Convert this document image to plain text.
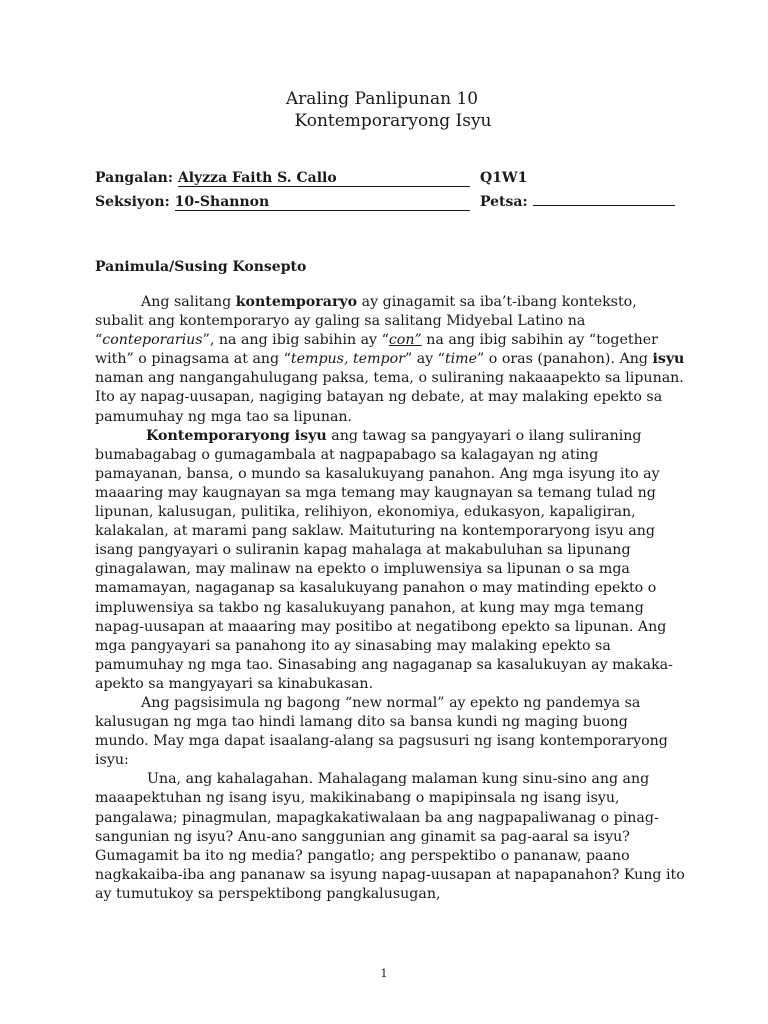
Araling Panlipunan 10
Kontemporaryong Isyu
Pangalan: Alyzza Faith S. Callo	Q1W1
Seksiyon: 10-Shannon	Petsa:
Panimula/Susing Konsepto

Ang salitang kontemporaryo ay ginagamit sa iba’t-ibang konteksto, subalit ang kontemporaryo ay galing sa salitang Midyebal Latino na “conteporarius”, na ang ibig sabihin ay “con” na ang ibig sabihin ay “together with” o pinagsama at ang “tempus, tempor” ay “time” o oras (panahon). Ang isyu naman ang nangangahulugang paksa, tema, o suliraning nakaaapekto sa lipunan. Ito ay napag-uusapan, nagiging batayan ng debate, at may malaking epekto sa pamumuhay ng mga tao sa lipunan.

Kontemporaryong isyu ang tawag sa pangyayari o ilang suliraning bumabagabag o gumagambala at nagpapabago sa kalagayan ng ating pamayanan, bansa, o mundo sa kasalukuyang panahon. Ang mga isyung ito ay maaaring may kaugnayan sa mga temang may kaugnayan sa temang tulad ng lipunan, kalusugan, pulitika, relihiyon, ekonomiya, edukasyon, kapaligiran, kalakalan, at marami pang saklaw. Maituturing na kontemporaryong isyu ang isang pangyayari o suliranin kapag mahalaga at makabuluhan sa lipunang ginagalawan, may malinaw na epekto o impluwensiya sa lipunan o sa mga mamamayan, nagaganap sa kasalukuyang panahon o may matinding epekto o impluwensiya sa takbo ng kasalukuyang panahon, at kung may mga temang napag-uusapan at maaaring may positibo at negatibong epekto sa lipunan. Ang mga pangyayari sa panahong ito ay sinasabing may malaking epekto sa pamumuhay ng mga tao. Sinasabing ang nagaganap sa kasalukuyan ay makaka-apekto sa mangyayari sa kinabukasan.

Ang pagsisimula ng bagong “new normal” ay epekto ng pandemya sa kalusugan ng mga tao hindi lamang dito sa bansa kundi ng maging buong mundo. May mga dapat isaalang-alang sa pagsusuri ng isang kontemporaryong isyu:

Una, ang kahalagahan. Mahalagang malaman kung sinu-sino ang ang maaapektuhan ng isang isyu, makikinabang o mapipinsala ng isang isyu, pangalawa; pinagmulan, mapagkakatiwalaan ba ang nagpapaliwanag o pinag-sangunian ng isyu? Anu-ano sanggunian ang ginamit sa pag-aaral sa isyu? Gumagamit ba ito ng media? pangatlo; ang perspektibo o pananaw, paano nagkakaiba-iba ang pananaw sa isyung napag-uusapan at napapanahon? Kung ito ay tumutukoy sa perspektibong pangkalusugan,

1
